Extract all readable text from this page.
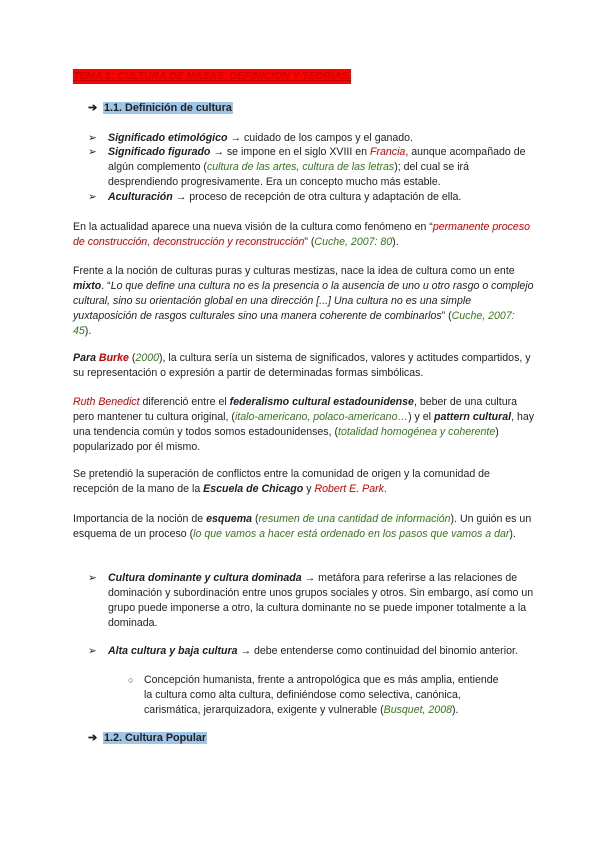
TEMA 1: CULTURA DE MASAS. DEFINICIÓN Y TEORÍAS.
➔ 1.1. Definición de cultura
➢ Significado etimológico → cuidado de los campos y el ganado.
➢ Significado figurado → se impone en el siglo XVIII en Francia, aunque acompañado de algún complemento (cultura de las artes, cultura de las letras); del cual se irá desprendiendo progresivamente. Era un concepto mucho más estable.
➢ Aculturación → proceso de recepción de otra cultura y adaptación de ella.

En la actualidad aparece una nueva visión de la cultura como fenómeno en “permanente proceso de construcción, deconstrucción y reconstrucción” (Cuche, 2007: 80).

Frente a la noción de culturas puras y culturas mestizas, nace la idea de cultura como un ente mixto. “Lo que define una cultura no es la presencia o la ausencia de uno u otro rasgo o complejo cultural, sino su orientación global en una dirección [...] Una cultura no es una simple yuxtaposición de rasgos culturales sino una manera coherente de combinarlos” (Cuche, 2007: 45).

Para Burke (2000), la cultura sería un sistema de significados, valores y actitudes compartidos, y su representación o expresión a partir de determinadas formas simbólicas.

Ruth Benedict diferenció entre el federalismo cultural estadounidense, beber de una cultura pero mantener tu cultura original, (italo-americano, polaco-americano…) y el pattern cultural, hay una tendencia común y todos somos estadounidenses, (totalidad homogénea y coherente) popularizado por él mismo.

Se pretendió la superación de conflictos entre la comunidad de origen y la comunidad de recepción de la mano de la Escuela de Chicago y Robert E. Park.

Importancia de la noción de esquema (resumen de una cantidad de información). Un guión es un esquema de un proceso (lo que vamos a hacer está ordenado en los pasos que vamos a dar).

➢ Cultura dominante y cultura dominada → metáfora para referirse a las relaciones de dominación y subordinación entre unos grupos sociales y otros. Sin embargo, así como un grupo puede imponerse a otro, la cultura dominante no se puede imponer totalmente a la dominada.
➢ Alta cultura y baja cultura → debe entenderse como continuidad del binomio anterior.
○ Concepción humanista, frente a antropológica que es más amplia, entiende la cultura como alta cultura, definiéndose como selectiva, canónica, carismática, jerarquizadora, exigente y vulnerable (Busquet, 2008).
➔ 1.2. Cultura Popular
